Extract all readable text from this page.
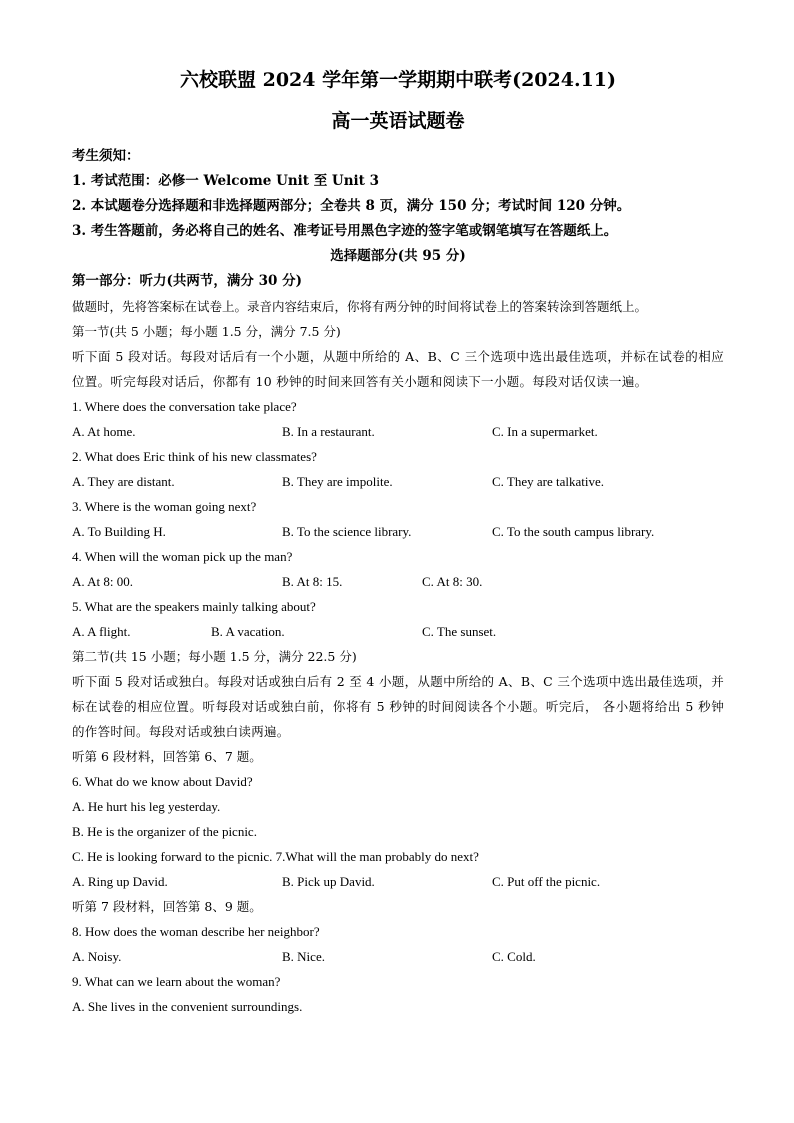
六校联盟 2024 学年第一学期期中联考(2024.11)
高一英语试题卷
考生须知：
1. 考试范围：必修一 Welcome Unit 至 Unit 3
2. 本试题卷分选择题和非选择题两部分；全卷共 8 页，满分 150 分；考试时间 120 分钟。
3. 考生答题前，务必将自己的姓名、准考证号用黑色字迹的签字笔或钢笔填写在答题纸上。
选择题部分(共 95 分)
第一部分：听力(共两节，满分 30 分)
做题时，先将答案标在试卷上。录音内容结束后，你将有两分钟的时间将试卷上的答案转涂到答题纸上。
第一节(共 5 小题；每小题 1.5 分，满分 7.5 分)
听下面 5 段对话。每段对话后有一个小题，从题中所给的 A、B、C 三个选项中选出最佳选项，并标在试卷的相应位置。听完每段对话后，你都有 10 秒钟的时间来回答有关小题和阅读下一小题。每段对话仅读一遍。
1. Where does the conversation take place?
A. At home.	B. In a restaurant.	C. In a supermarket.
2. What does Eric think of his new classmates?
A. They are distant.	B. They are impolite.	C. They are talkative.
3. Where is the woman going next?
A. To Building H.	B. To the science library.	C. To the south campus library.
4. When will the woman pick up the man?
A. At 8: 00.	B. At 8: 15.	C. At 8: 30.
5. What are the speakers mainly talking about?
A. A flight.	B. A vacation.	C. The sunset.
第二节(共 15 小题；每小题 1.5 分，满分 22.5 分)
听下面 5 段对话或独白。每段对话或独白后有 2 至 4 小题，从题中所给的 A、B、C 三个选项中选出最佳选项，并标在试卷的相应位置。听每段对话或独白前，你将有 5 秒钟的时间阅读各个小题。听完后， 各小题将给出 5 秒钟的作答时间。每段对话或独白读两遍。
听第 6 段材料，回答第 6、7 题。
6. What do we know about David?
A. He hurt his leg yesterday.
B. He is the organizer of the picnic.
C. He is looking forward to the picnic. 7.What will the man probably do next?
A. Ring up David.	B. Pick up David.	C. Put off the picnic.
听第 7 段材料，回答第 8、9 题。
8. How does the woman describe her neighbor?
A. Noisy.	B. Nice.	C. Cold.
9. What can we learn about the woman?
A. She lives in the convenient surroundings.
